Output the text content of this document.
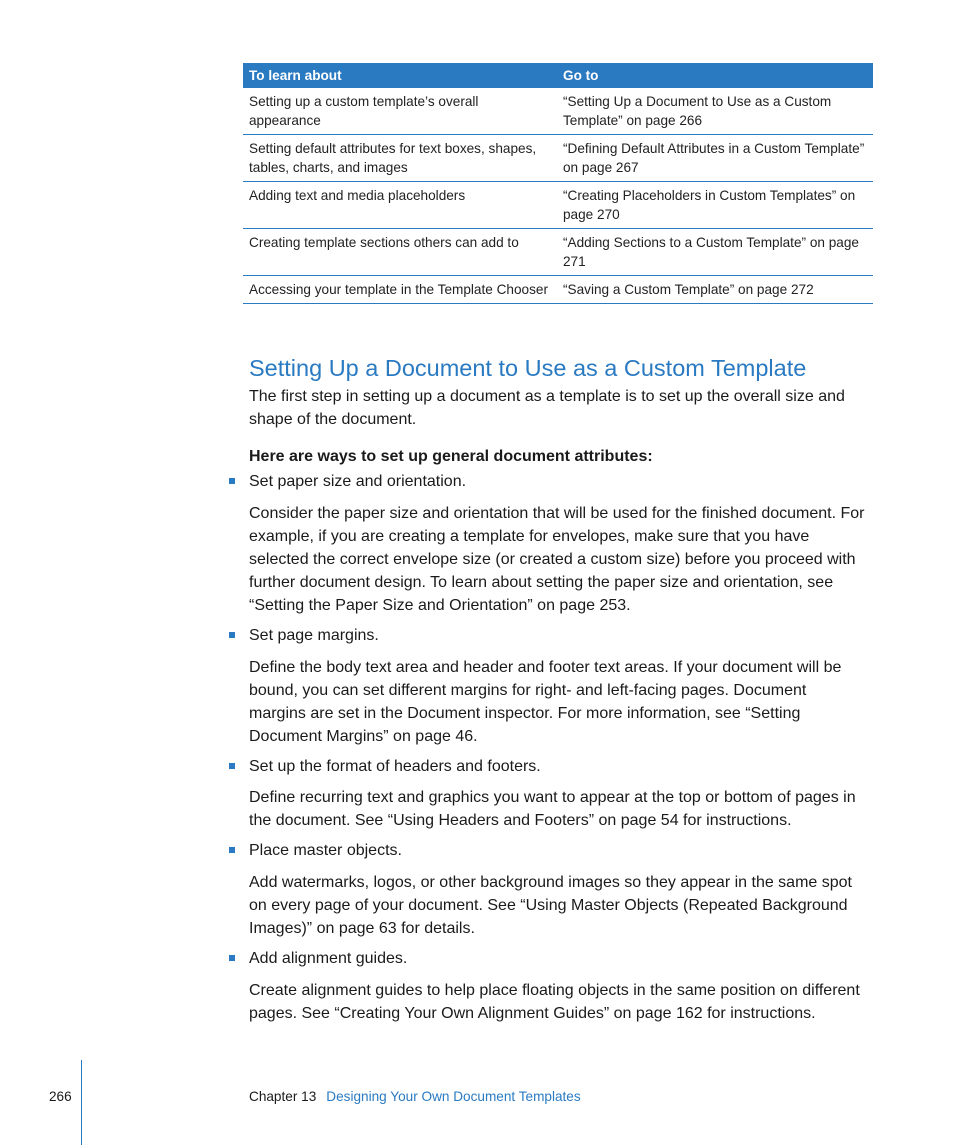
To learn about	Go to
Setting up a custom template’s overall appearance	“Setting Up a Document to Use as a Custom Template” on page 266
Setting default attributes for text boxes, shapes, tables, charts, and images	“Defining Default Attributes in a Custom Template” on page 267
Adding text and media placeholders	“Creating Placeholders in Custom Templates” on page 270
Creating template sections others can add to	“Adding Sections to a Custom Template” on page 271
Accessing your template in the Template Chooser	“Saving a Custom Template” on page 272
Setting Up a Document to Use as a Custom Template

The first step in setting up a document as a template is to set up the overall size and shape of the document.

Here are ways to set up general document attributes:

Set paper size and orientation.

Consider the paper size and orientation that will be used for the finished document. For example, if you are creating a template for envelopes, make sure that you have selected the correct envelope size (or created a custom size) before you proceed with further document design. To learn about setting the paper size and orientation, see “Setting the Paper Size and Orientation” on page 253.

Set page margins.

Define the body text area and header and footer text areas. If your document will be bound, you can set different margins for right- and left-facing pages. Document margins are set in the Document inspector. For more information, see “Setting Document Margins” on page 46.

Set up the format of headers and footers.

Define recurring text and graphics you want to appear at the top or bottom of pages in the document. See “Using Headers and Footers” on page 54 for instructions.

Place master objects.

Add watermarks, logos, or other background images so they appear in the same spot on every page of your document. See “Using Master Objects (Repeated Background Images)” on page 63 for details.

Add alignment guides.

Create alignment guides to help place floating objects in the same position on different pages. See “Creating Your Own Alignment Guides” on page 162 for instructions.

266	Chapter 13 Designing Your Own Document Templates
